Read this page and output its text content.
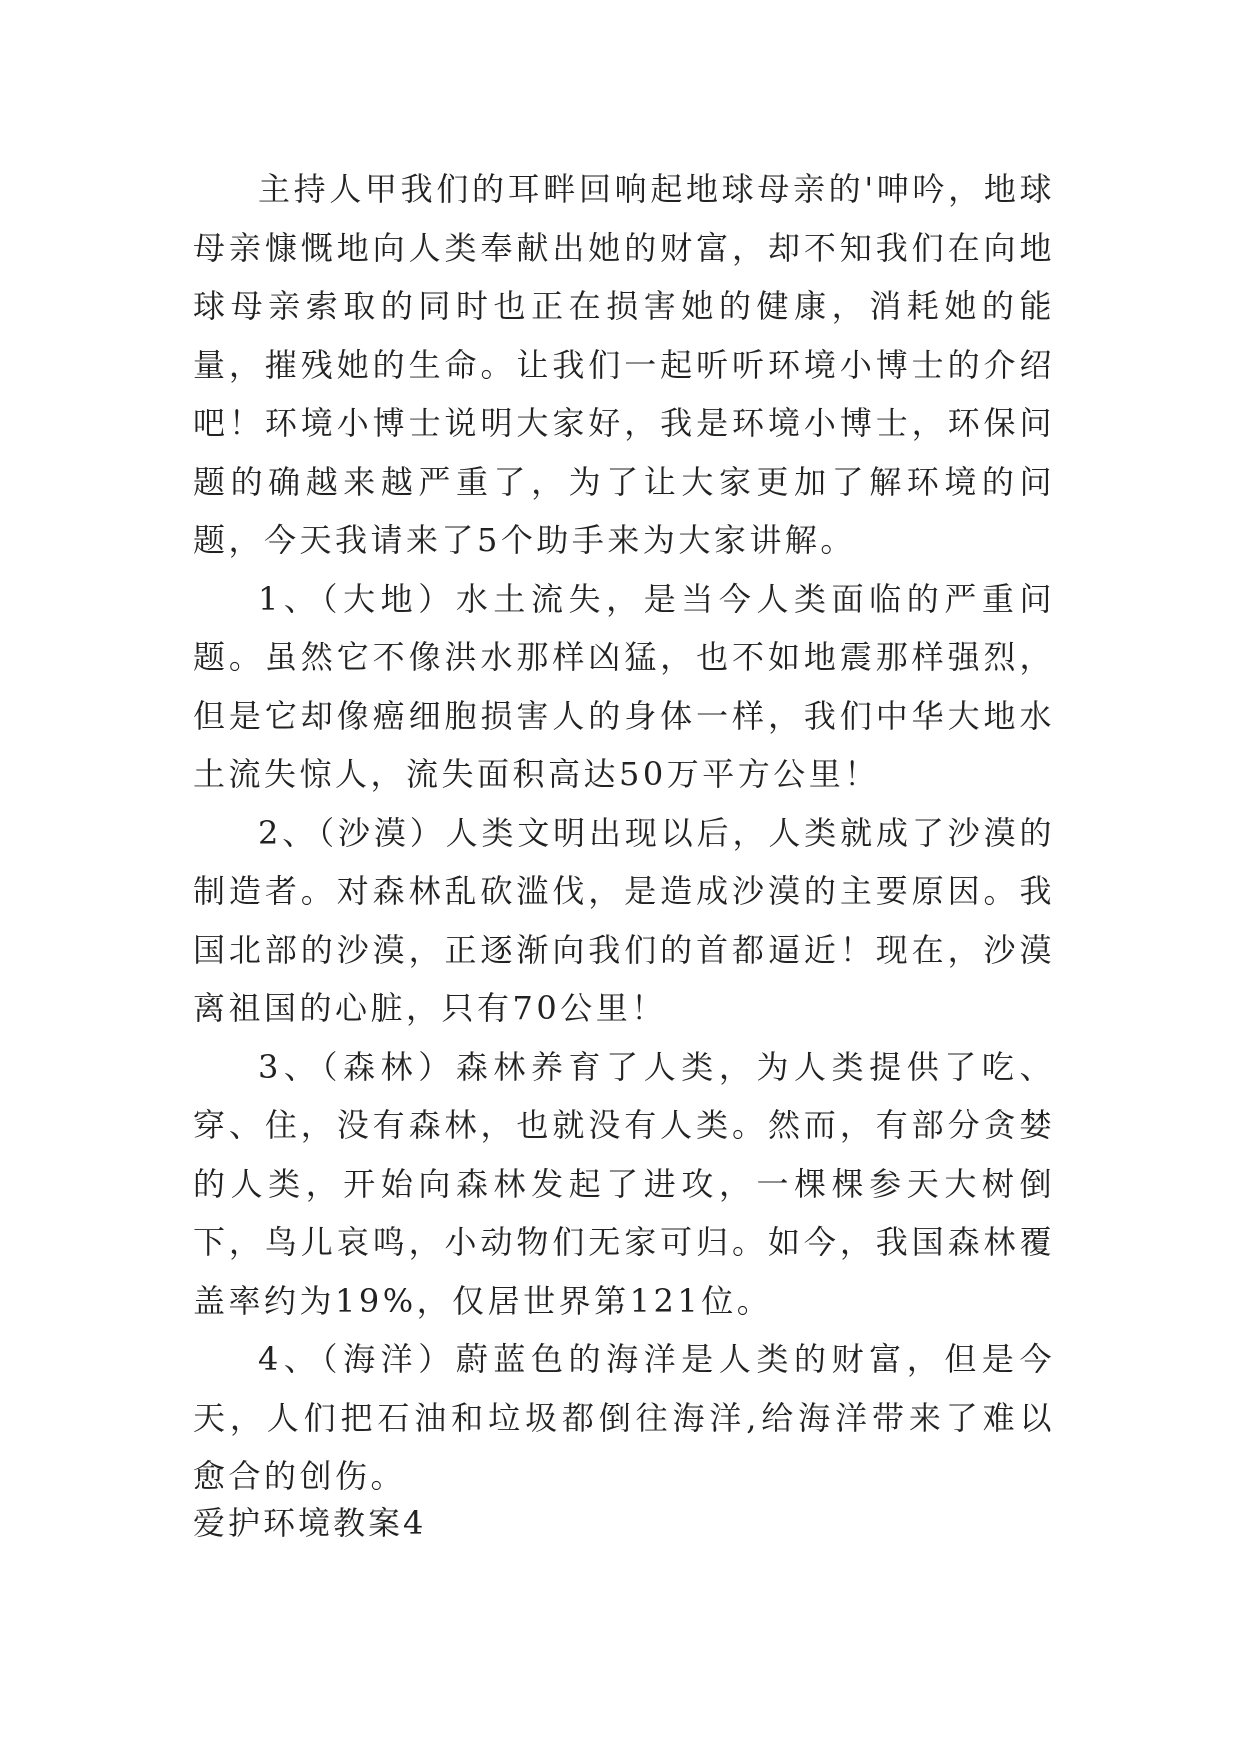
主持人甲我们的耳畔回响起地球母亲的'呻吟，地球母亲慷慨地向人类奉献出她的财富，却不知我们在向地球母亲索取的同时也正在损害她的健康，消耗她的能量，摧残她的生命。让我们一起听听环境小博士的介绍吧！环境小博士说明大家好，我是环境小博士，环保问题的确越来越严重了，为了让大家更加了解环境的问题，今天我请来了5个助手来为大家讲解。

1、（大地）水土流失，是当今人类面临的严重问题。虽然它不像洪水那样凶猛，也不如地震那样强烈，但是它却像癌细胞损害人的身体一样，我们中华大地水土流失惊人，流失面积高达50万平方公里！

2、（沙漠）人类文明出现以后，人类就成了沙漠的制造者。对森林乱砍滥伐，是造成沙漠的主要原因。我国北部的沙漠，正逐渐向我们的首都逼近！现在，沙漠离祖国的心脏，只有70公里！

3、（森林）森林养育了人类，为人类提供了吃、穿、住，没有森林，也就没有人类。然而，有部分贪婪的人类，开始向森林发起了进攻，一棵棵参天大树倒下，鸟儿哀鸣，小动物们无家可归。如今，我国森林覆盖率约为19%，仅居世界第121位。

4、（海洋）蔚蓝色的海洋是人类的财富，但是今天，人们把石油和垃圾都倒往海洋,给海洋带来了难以愈合的创伤。

爱护环境教案4
